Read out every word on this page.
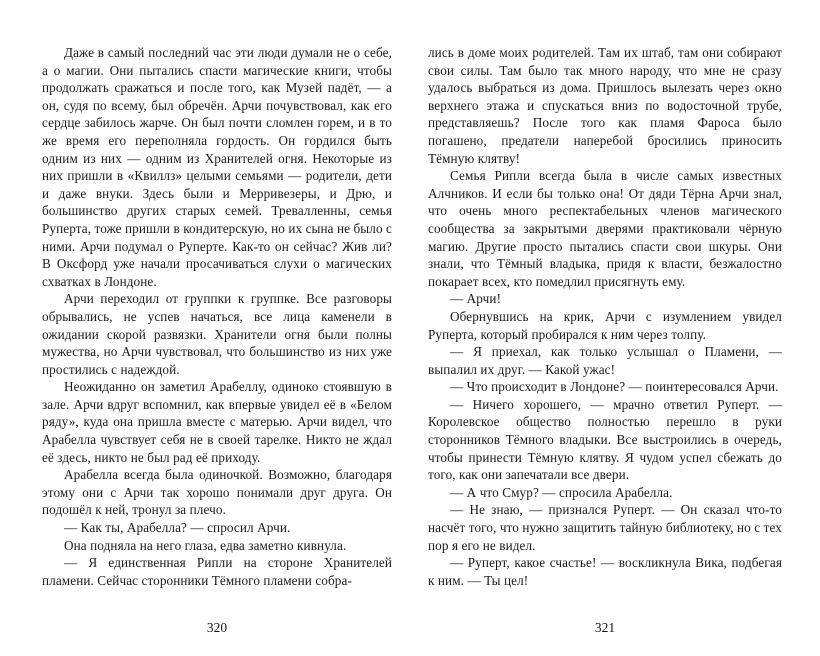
Даже в самый последний час эти люди думали не о себе, а о магии. Они пытались спасти магические книги, чтобы продолжать сражаться и после того, как Музей падёт, — а он, судя по всему, был обречён. Арчи почувствовал, как его сердце забилось жарче. Он был почти сломлен горем, и в то же время его переполняла гордость. Он гордился быть одним из них — одним из Хранителей огня. Некоторые из них пришли в «Квиллз» целыми семьями — родители, дети и даже внуки. Здесь были и Мерривезеры, и Дрю, и большинство других старых семей. Тревалленны, семья Руперта, тоже пришли в кондитерскую, но их сына не было с ними. Арчи подумал о Руперте. Как-то он сейчас? Жив ли? В Оксфорд уже начали просачиваться слухи о магических схватках в Лондоне.

Арчи переходил от группки к группке. Все разговоры обрывались, не успев начаться, все лица каменели в ожидании скорой развязки. Хранители огня были полны мужества, но Арчи чувствовал, что большинство из них уже простились с надеждой.

Неожиданно он заметил Арабеллу, одиноко стоявшую в зале. Арчи вдруг вспомнил, как впервые увидел её в «Белом ряду», куда она пришла вместе с матерью. Арчи видел, что Арабелла чувствует себя не в своей тарелке. Никто не ждал её здесь, никто не был рад её приходу.

Арабелла всегда была одиночкой. Возможно, благодаря этому они с Арчи так хорошо понимали друг друга. Он подошёл к ней, тронул за плечо.

— Как ты, Арабелла? — спросил Арчи.

Она подняла на него глаза, едва заметно кивнула.

— Я единственная Рипли на стороне Хранителей пламени. Сейчас сторонники Тёмного пламени собра-

320

лись в доме моих родителей. Там их штаб, там они собирают свои силы. Там было так много народу, что мне не сразу удалось выбраться из дома. Пришлось вылезать через окно верхнего этажа и спускаться вниз по водосточной трубе, представляешь? После того как пламя Фароса было погашено, предатели наперебой бросились приносить Тёмную клятву!

Семья Рипли всегда была в числе самых известных Алчников. И если бы только она! От дяди Тёрна Арчи знал, что очень много респектабельных членов магического сообщества за закрытыми дверями практиковали чёрную магию. Другие просто пытались спасти свои шкуры. Они знали, что Тёмный владыка, придя к власти, безжалостно покарает всех, кто помедлил присягнуть ему.

— Арчи!

Обернувшись на крик, Арчи с изумлением увидел Руперта, который пробирался к ним через толпу.

— Я приехал, как только услышал о Пламени, — выпалил их друг. — Какой ужас!

— Что происходит в Лондоне? — поинтересовался Арчи.

— Ничего хорошего, — мрачно ответил Руперт. — Королевское общество полностью перешло в руки сторонников Тёмного владыки. Все выстроились в очередь, чтобы принести Тёмную клятву. Я чудом успел сбежать до того, как они запечатали все двери.

— А что Смур? — спросила Арабелла.

— Не знаю, — признался Руперт. — Он сказал что-то насчёт того, что нужно защитить тайную библиотеку, но с тех пор я его не видел.

— Руперт, какое счастье! — воскликнула Вика, подбегая к ним. — Ты цел!

321
